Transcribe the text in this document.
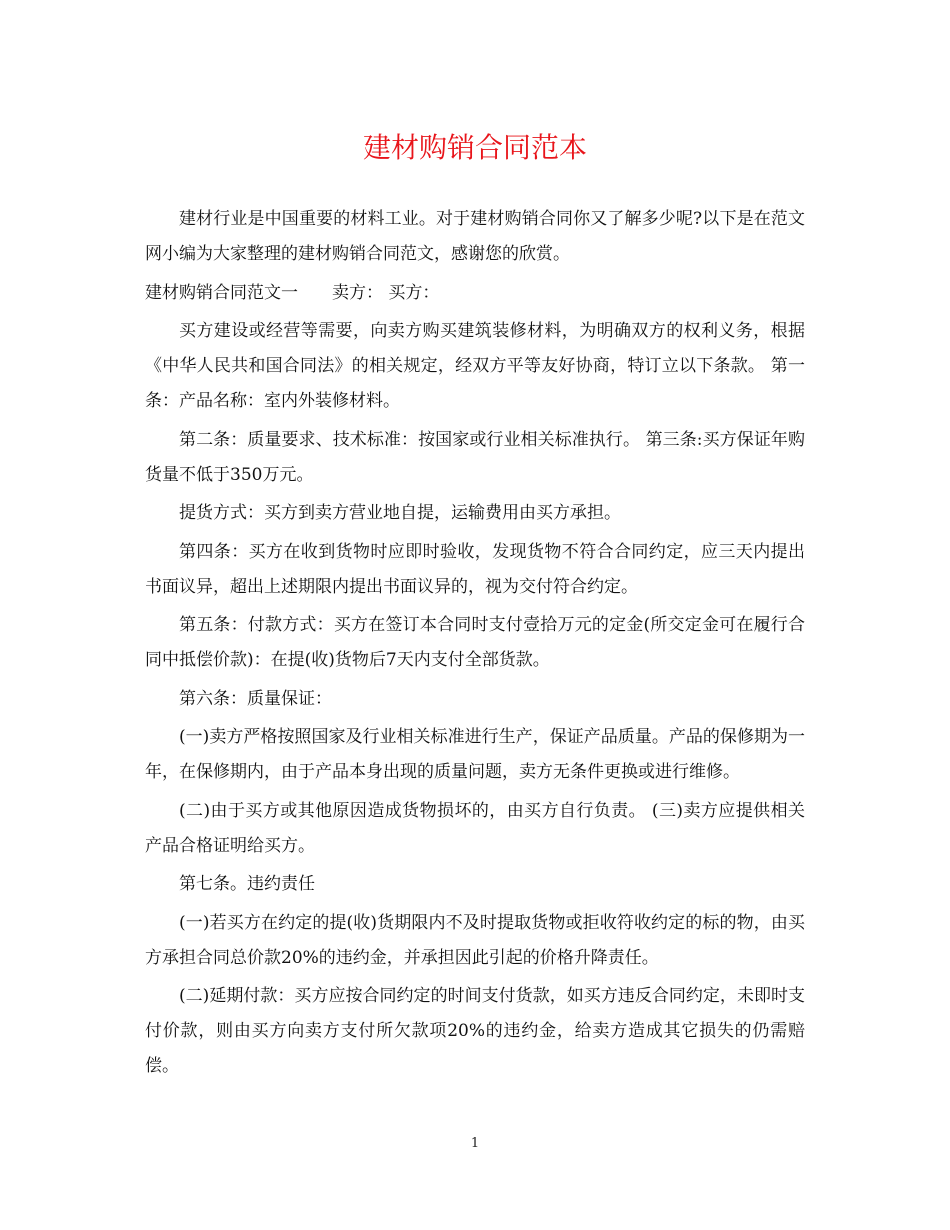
建材购销合同范本

建材行业是中国重要的材料工业。对于建材购销合同你又了解多少呢?以下是在范文网小编为大家整理的建材购销合同范文，感谢您的欣赏。

建材购销合同范文一 卖方： 买方：

买方建设或经营等需要，向卖方购买建筑装修材料，为明确双方的权利义务，根据《中华人民共和国合同法》的相关规定，经双方平等友好协商，特订立以下条款。 第一条：产品名称：室内外装修材料。

第二条：质量要求、技术标准：按国家或行业相关标准执行。 第三条:买方保证年购货量不低于350万元。

提货方式：买方到卖方营业地自提，运输费用由买方承担。

第四条：买方在收到货物时应即时验收，发现货物不符合合同约定，应三天内提出书面议异，超出上述期限内提出书面议异的，视为交付符合约定。

第五条：付款方式：买方在签订本合同时支付壹拾万元的定金(所交定金可在履行合同中抵偿价款)：在提(收)货物后7天内支付全部货款。

第六条：质量保证：

(一)卖方严格按照国家及行业相关标准进行生产，保证产品质量。产品的保修期为一年，在保修期内，由于产品本身出现的质量问题，卖方无条件更换或进行维修。

(二)由于买方或其他原因造成货物损坏的，由买方自行负责。 (三)卖方应提供相关产品合格证明给买方。

第七条。违约责任

(一)若买方在约定的提(收)货期限内不及时提取货物或拒收符收约定的标的物，由买方承担合同总价款20%的违约金，并承担因此引起的价格升降责任。

(二)延期付款：买方应按合同约定的时间支付货款，如买方违反合同约定，未即时支付价款，则由买方向卖方支付所欠款项20%的违约金，给卖方造成其它损失的仍需赔偿。

1
